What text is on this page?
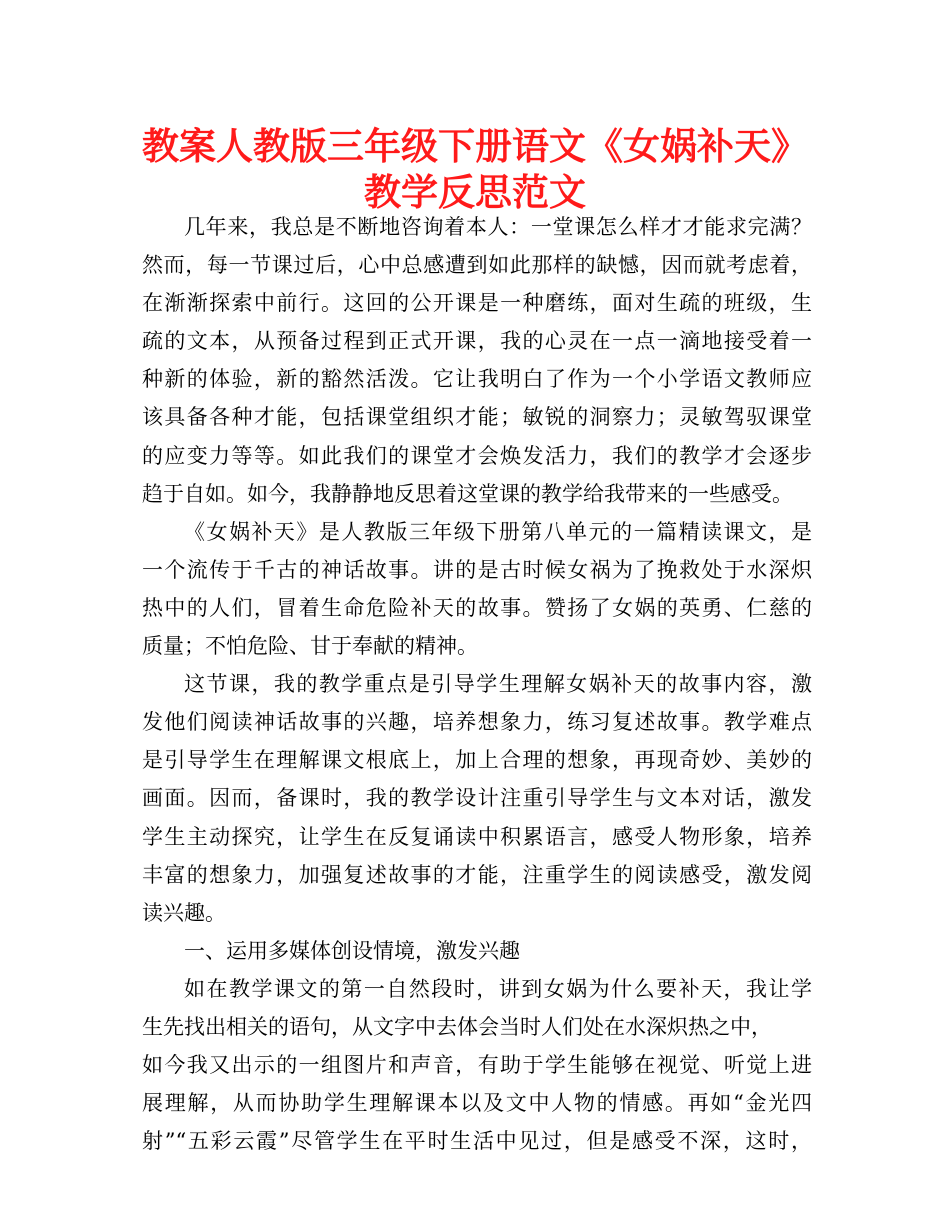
教案人教版三年级下册语文《女娲补天》
教学反思范文
几年来，我总是不断地咨询着本人：一堂课怎么样才才能求完满？
然而，每一节课过后，心中总感遭到如此那样的缺憾，因而就考虑着，
在渐渐探索中前行。这回的公开课是一种磨练，面对生疏的班级，生
疏的文本，从预备过程到正式开课，我的心灵在一点一滴地接受着一
种新的体验，新的豁然活泼。它让我明白了作为一个小学语文教师应
该具备各种才能，包括课堂组织才能；敏锐的洞察力；灵敏驾驭课堂
的应变力等等。如此我们的课堂才会焕发活力，我们的教学才会逐步
趋于自如。如今，我静静地反思着这堂课的教学给我带来的一些感受。
《女娲补天》是人教版三年级下册第八单元的一篇精读课文，是
一个流传于千古的神话故事。讲的是古时候女祸为了挽救处于水深炽
热中的人们，冒着生命危险补天的故事。赞扬了女娲的英勇、仁慈的
质量；不怕危险、甘于奉献的精神。
这节课，我的教学重点是引导学生理解女娲补天的故事内容，激
发他们阅读神话故事的兴趣，培养想象力，练习复述故事。教学难点
是引导学生在理解课文根底上，加上合理的想象，再现奇妙、美妙的
画面。因而，备课时，我的教学设计注重引导学生与文本对话，激发
学生主动探究，让学生在反复诵读中积累语言，感受人物形象，培养
丰富的想象力，加强复述故事的才能，注重学生的阅读感受，激发阅
读兴趣。
一、运用多媒体创设情境，激发兴趣
如在教学课文的第一自然段时，讲到女娲为什么要补天，我让学
生先找出相关的语句，从文字中去体会当时人们处在水深炽热之中，
如今我又出示的一组图片和声音，有助于学生能够在视觉、听觉上进
展理解，从而协助学生理解课本以及文中人物的情感。再如“金光四
射”“五彩云霞”尽管学生在平时生活中见过，但是感受不深，这时，
